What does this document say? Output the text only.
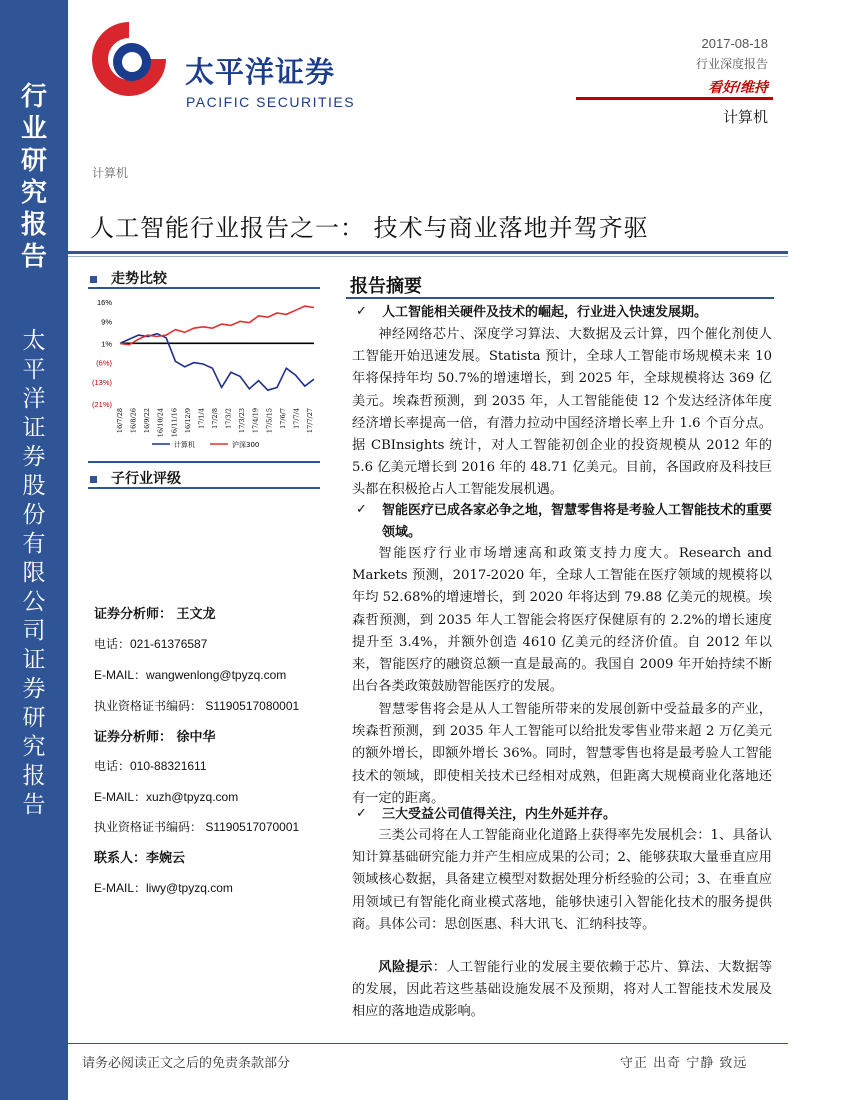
行
业
研
究
报
告
太
平
洋
证
券
股
份
有
限
公
司
证
券
研
究
报
告
太平洋证券
PACIFIC SECURITIES
2017-08-18
行业深度报告
看好/维持
计算机
计算机
人工智能行业报告之一： 技术与商业落地并驾齐驱
走势比较
16%
9%
1%
(6%)
(13%)
(21%)
16/7/28 16/8/26 16/9/22 16/10/24 16/11/16 16/12/9 17/1/4 17/2/8 17/3/2 17/3/23 17/4/19 17/5/15 17/6/7 17/7/4 17/7/27
计算机	沪深300
子行业评级
证券分析师： 王文龙
电话：021-61376587
E-MAIL：wangwenlong@tpyzq.com
执业资格证书编码： S1190517080001
证券分析师： 徐中华
电话：010-88321611
E-MAIL：xuzh@tpyzq.com
执业资格证书编码： S1190517070001
联系人：李婉云
E-MAIL：liwy@tpyzq.com
报告摘要
✓ 人工智能相关硬件及技术的崛起，行业进入快速发展期。
神经网络芯片、深度学习算法、大数据及云计算，四个催化剂使人工智能开始迅速发展。Statista 预计，全球人工智能市场规模未来 10 年将保持年均 50.7%的增速增长，到 2025 年，全球规模将达 369 亿美元。埃森哲预测，到 2035 年，人工智能能使 12 个发达经济体年度经济增长率提高一倍，有潜力拉动中国经济增长率上升 1.6 个百分点。据 CBInsights 统计，对人工智能初创企业的投资规模从 2012 年的 5.6 亿美元增长到 2016 年的 48.71 亿美元。目前，各国政府及科技巨头都在积极抢占人工智能发展机遇。
✓ 智能医疗已成各家必争之地，智慧零售将是考验人工智能技术的重要领域。
智能医疗行业市场增速高和政策支持力度大。Research and Markets 预测，2017-2020 年，全球人工智能在医疗领域的规模将以年均 52.68%的增速增长，到 2020 年将达到 79.88 亿美元的规模。埃森哲预测，到 2035 年人工智能会将医疗保健原有的 2.2%的增长速度提升至 3.4%，并额外创造 4610 亿美元的经济价值。自 2012 年以来，智能医疗的融资总额一直是最高的。我国自 2009 年开始持续不断出台各类政策鼓励智能医疗的发展。
智慧零售将会是从人工智能所带来的发展创新中受益最多的产业，埃森哲预测，到 2035 年人工智能可以给批发零售业带来超 2 万亿美元的额外增长，即额外增长 36%。同时，智慧零售也将是最考验人工智能技术的领域，即使相关技术已经相对成熟，但距离大规模商业化落地还有一定的距离。
✓ 三大受益公司值得关注，内生外延并存。
三类公司将在人工智能商业化道路上获得率先发展机会：1、具备认知计算基础研究能力并产生相应成果的公司；2、能够获取大量垂直应用领域核心数据，具备建立模型对数据处理分析经验的公司；3、在垂直应用领域已有智能化商业模式落地，能够快速引入智能化技术的服务提供商。具体公司：思创医惠、科大讯飞、汇纳科技等。
风险提示：人工智能行业的发展主要依赖于芯片、算法、大数据等的发展，因此若这些基础设施发展不及预期，将对人工智能技术发展及相应的落地造成影响。
请务必阅读正文之后的免责条款部分	守正 出奇 宁静 致远
